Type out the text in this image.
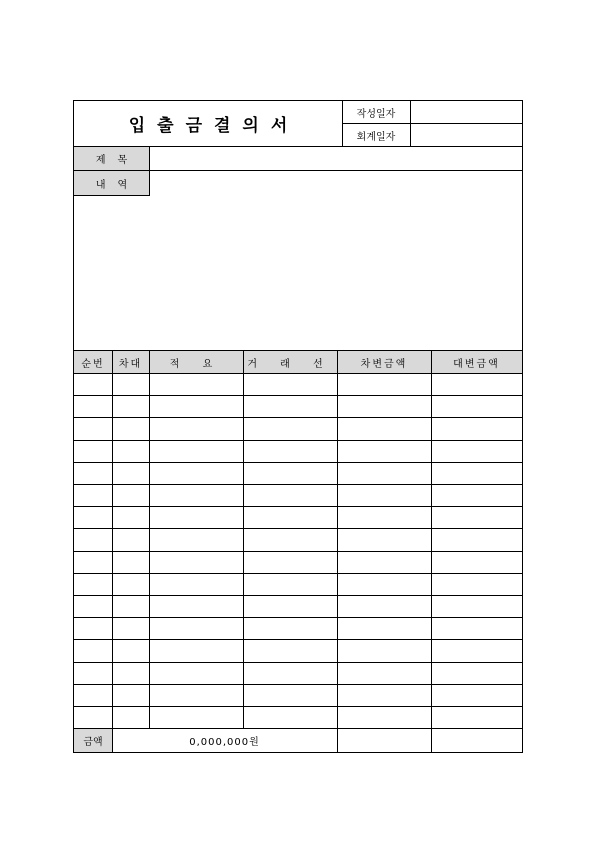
입출금결의서
작성일자
회계일자
제목
내역
순번	차대	적 요	거 래 선	차변금액	대변금액
금액	0,000,000원
